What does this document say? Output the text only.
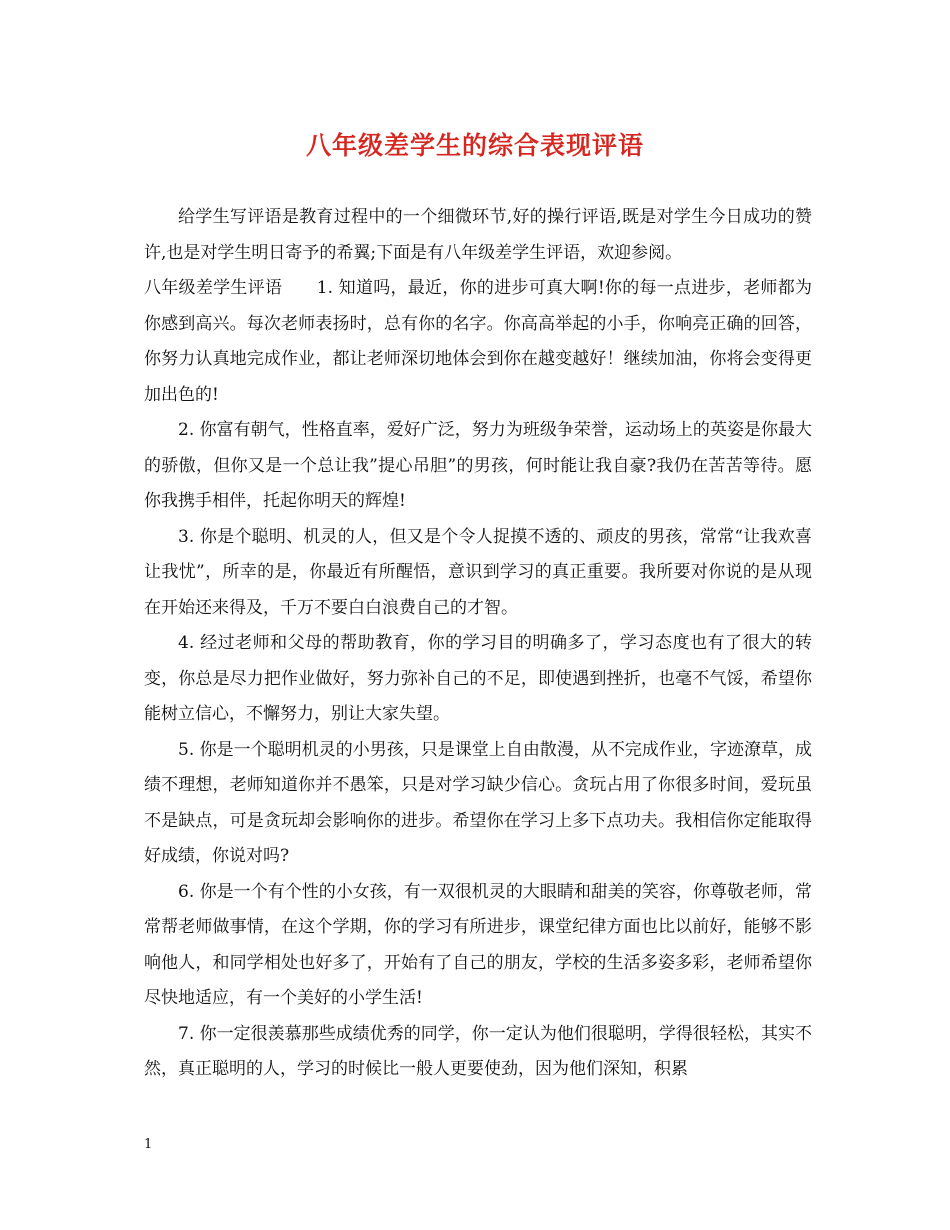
八年级差学生的综合表现评语

给学生写评语是教育过程中的一个细微环节,好的操行评语,既是对学生今日成功的赞许,也是对学生明日寄予的希翼;下面是有八年级差学生评语，欢迎参阅。

八年级差学生评语　　1. 知道吗，最近，你的进步可真大啊!你的每一点进步，老师都为你感到高兴。每次老师表扬时，总有你的名字。你高高举起的小手，你响亮正确的回答，你努力认真地完成作业，都让老师深切地体会到你在越变越好！继续加油，你将会变得更加出色的!

2. 你富有朝气，性格直率，爱好广泛，努力为班级争荣誉，运动场上的英姿是你最大的骄傲，但你又是一个总让我”提心吊胆”的男孩，何时能让我自豪?我仍在苦苦等待。愿你我携手相伴，托起你明天的辉煌!

3. 你是个聪明、机灵的人，但又是个令人捉摸不透的、顽皮的男孩，常常“让我欢喜让我忧”，所幸的是，你最近有所醒悟，意识到学习的真正重要。我所要对你说的是从现在开始还来得及，千万不要白白浪费自己的才智。

4. 经过老师和父母的帮助教育，你的学习目的明确多了，学习态度也有了很大的转变，你总是尽力把作业做好，努力弥补自己的不足，即使遇到挫折，也毫不气馁，希望你能树立信心，不懈努力，别让大家失望。

5. 你是一个聪明机灵的小男孩，只是课堂上自由散漫，从不完成作业，字迹潦草，成绩不理想，老师知道你并不愚笨，只是对学习缺少信心。贪玩占用了你很多时间，爱玩虽不是缺点，可是贪玩却会影响你的进步。希望你在学习上多下点功夫。我相信你定能取得好成绩，你说对吗?

6. 你是一个有个性的小女孩，有一双很机灵的大眼睛和甜美的笑容，你尊敬老师，常常帮老师做事情，在这个学期，你的学习有所进步，课堂纪律方面也比以前好，能够不影响他人，和同学相处也好多了，开始有了自己的朋友，学校的生活多姿多彩，老师希望你尽快地适应，有一个美好的小学生活!

7. 你一定很羡慕那些成绩优秀的同学，你一定认为他们很聪明，学得很轻松，其实不然，真正聪明的人，学习的时候比一般人更要使劲，因为他们深知，积累

1
